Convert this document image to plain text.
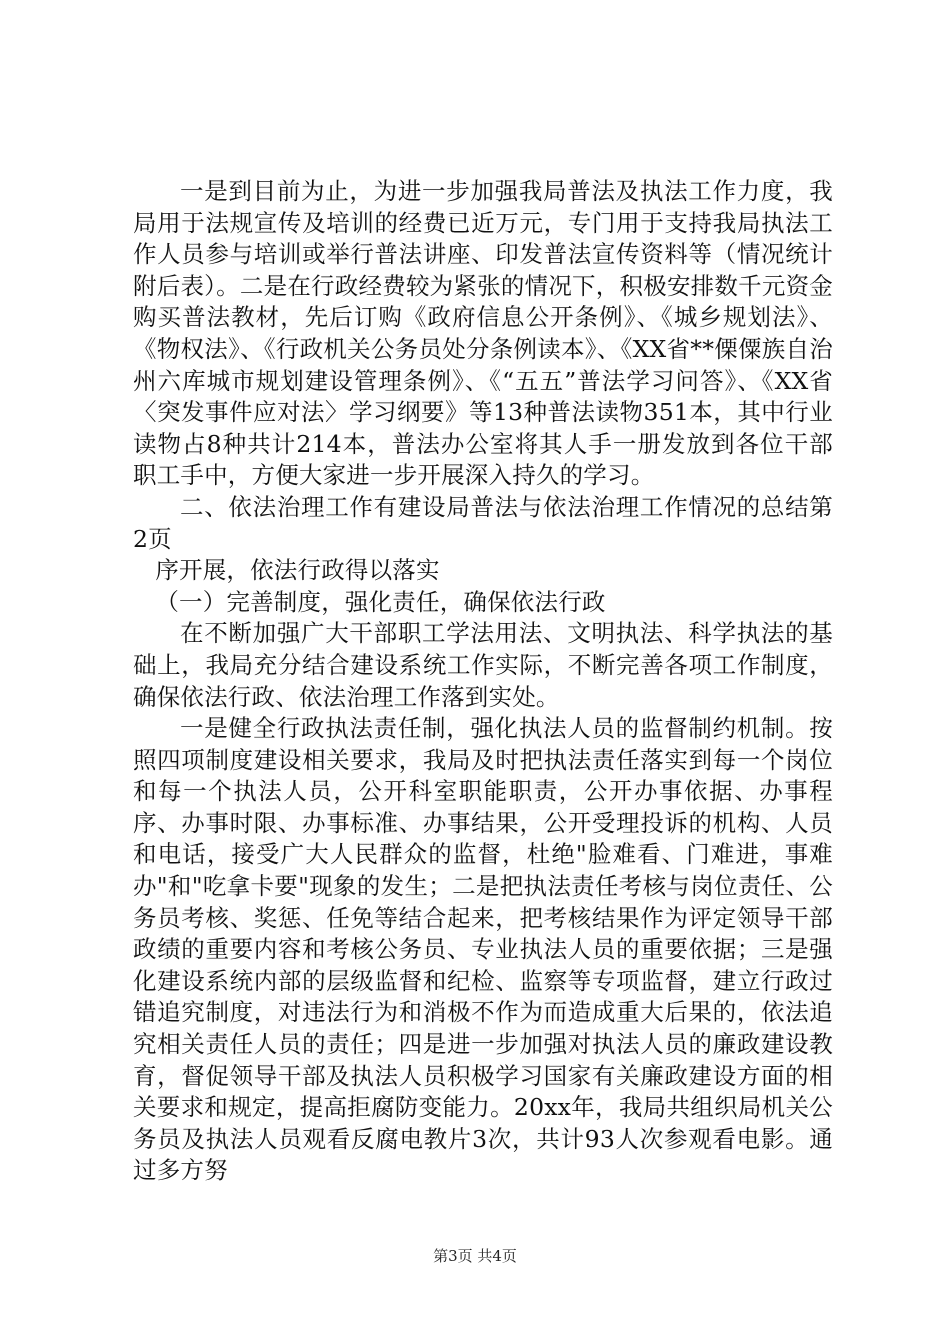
一是到目前为止，为进一步加强我局普法及执法工作力度，我局用于法规宣传及培训的经费已近万元，专门用于支持我局执法工作人员参与培训或举行普法讲座、印发普法宣传资料等（情况统计附后表）。二是在行政经费较为紧张的情况下，积极安排数千元资金购买普法教材，先后订购《政府信息公开条例》、《城乡规划法》、《物权法》、《行政机关公务员处分条例读本》、《XX省**傈僳族自治州六库城市规划建设管理条例》、《“五五”普法学习问答》、《XX省〈突发事件应对法〉学习纲要》等13种普法读物351本，其中行业读物占8种共计214本，普法办公室将其人手一册发放到各位干部职工手中，方便大家进一步开展深入持久的学习。

二、依法治理工作有建设局普法与依法治理工作情况的总结第2页

序开展，依法行政得以落实

（一）完善制度，强化责任，确保依法行政

在不断加强广大干部职工学法用法、文明执法、科学执法的基础上，我局充分结合建设系统工作实际，不断完善各项工作制度，确保依法行政、依法治理工作落到实处。

一是健全行政执法责任制，强化执法人员的监督制约机制。按照四项制度建设相关要求，我局及时把执法责任落实到每一个岗位和每一个执法人员，公开科室职能职责，公开办事依据、办事程序、办事时限、办事标准、办事结果，公开受理投诉的机构、人员和电话，接受广大人民群众的监督，杜绝"脸难看、门难进，事难办"和"吃拿卡要"现象的发生；二是把执法责任考核与岗位责任、公务员考核、奖惩、任免等结合起来，把考核结果作为评定领导干部政绩的重要内容和考核公务员、专业执法人员的重要依据；三是强化建设系统内部的层级监督和纪检、监察等专项监督，建立行政过错追究制度，对违法行为和消极不作为而造成重大后果的，依法追究相关责任人员的责任；四是进一步加强对执法人员的廉政建设教育，督促领导干部及执法人员积极学习国家有关廉政建设方面的相关要求和规定，提高拒腐防变能力。20xx年，我局共组织局机关公务员及执法人员观看反腐电教片3次，共计93人次参观看电影。通过多方努

第3页 共4页
